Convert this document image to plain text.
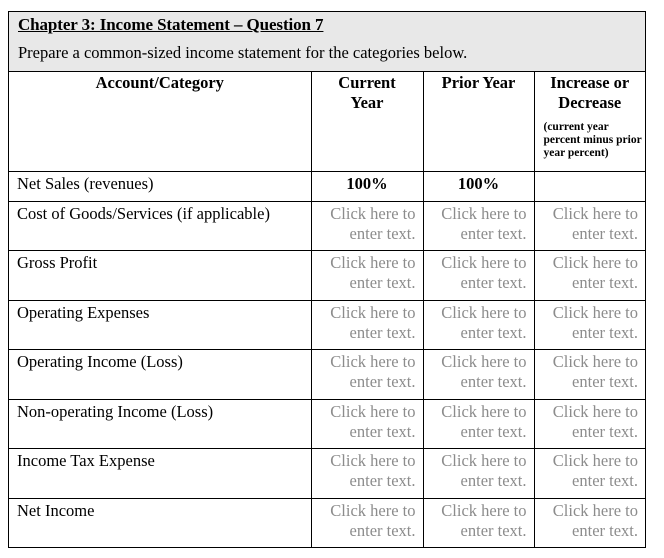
Chapter 3: Income Statement – Question 7
Prepare a common-sized income statement for the categories below.
Account/Category	Current Year	Prior Year	Increase or Decrease
(current year percent minus prior year percent)

Net Sales (revenues)	100%	100%	
Cost of Goods/Services (if applicable)	Click here to enter text.	Click here to enter text.	Click here to enter text.
Gross Profit	Click here to enter text.	Click here to enter text.	Click here to enter text.
Operating Expenses	Click here to enter text.	Click here to enter text.	Click here to enter text.
Operating Income (Loss)	Click here to enter text.	Click here to enter text.	Click here to enter text.
Non-operating Income (Loss)	Click here to enter text.	Click here to enter text.	Click here to enter text.
Income Tax Expense	Click here to enter text.	Click here to enter text.	Click here to enter text.
Net Income	Click here to enter text.	Click here to enter text.	Click here to enter text.
